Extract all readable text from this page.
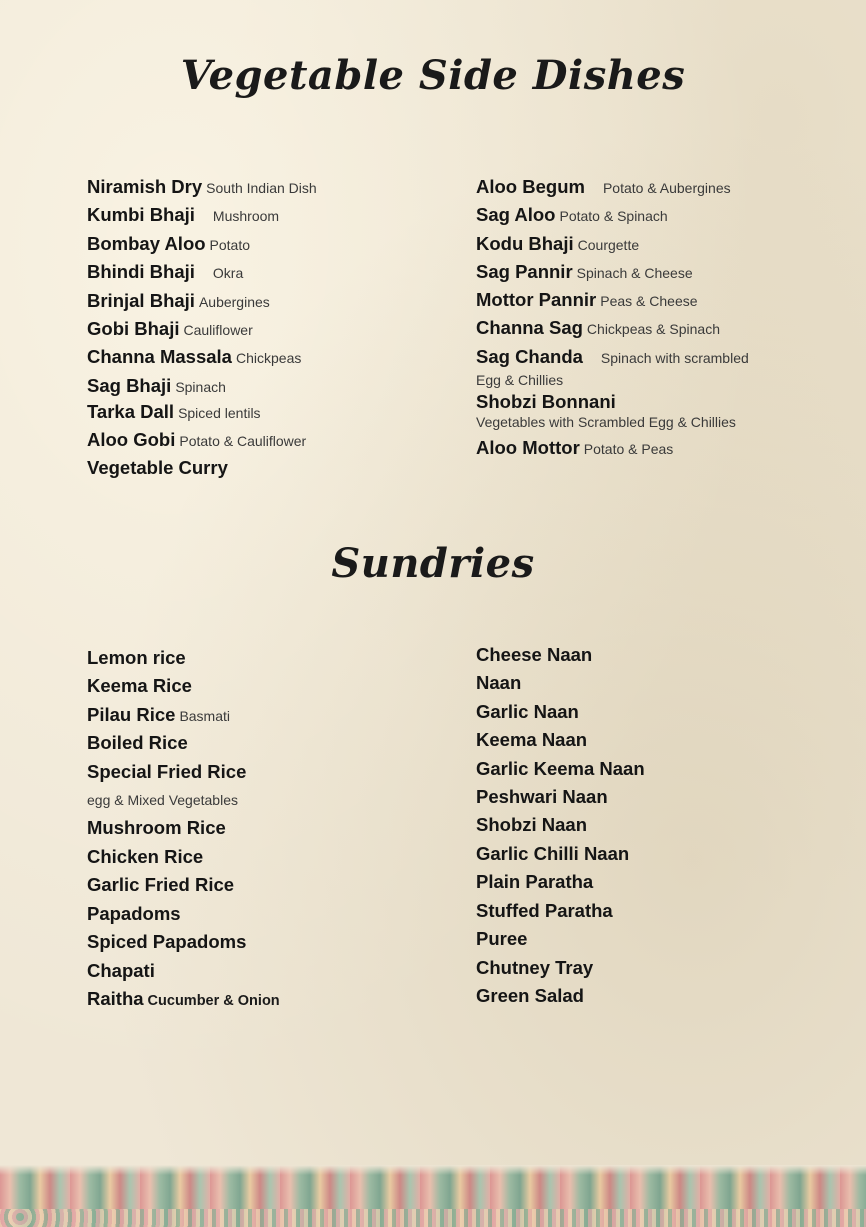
Vegetable Side Dishes
Niramish Dry South Indian Dish
Kumbi Bhaji Mushroom
Bombay Aloo Potato
Bhindi Bhaji Okra
Brinjal Bhaji Aubergines
Gobi Bhaji Cauliflower
Channa Massala Chickpeas
Sag Bhaji Spinach
Tarka Dall Spiced lentils
Aloo Gobi Potato & Cauliflower
Vegetable Curry
Aloo Begum Potato & Aubergines
Sag Aloo Potato & Spinach
Kodu Bhaji Courgette
Sag Pannir Spinach & Cheese
Mottor Pannir Peas & Cheese
Channa Sag Chickpeas & Spinach
Sag Chanda Spinach with scrambled
Egg & Chillies
Shobzi Bonnani
Vegetables with Scrambled Egg & Chillies
Aloo Mottor Potato & Peas
Sundries
Lemon rice
Keema Rice
Pilau Rice Basmati
Boiled Rice
Special Fried Rice
egg & Mixed Vegetables
Mushroom Rice
Chicken Rice
Garlic Fried Rice
Papadoms
Spiced Papadoms
Chapati
Raitha Cucumber & Onion
Cheese Naan
Naan
Garlic Naan
Keema Naan
Garlic Keema Naan
Peshwari Naan
Shobzi Naan
Garlic Chilli Naan
Plain Paratha
Stuffed Paratha
Puree
Chutney Tray
Green Salad
